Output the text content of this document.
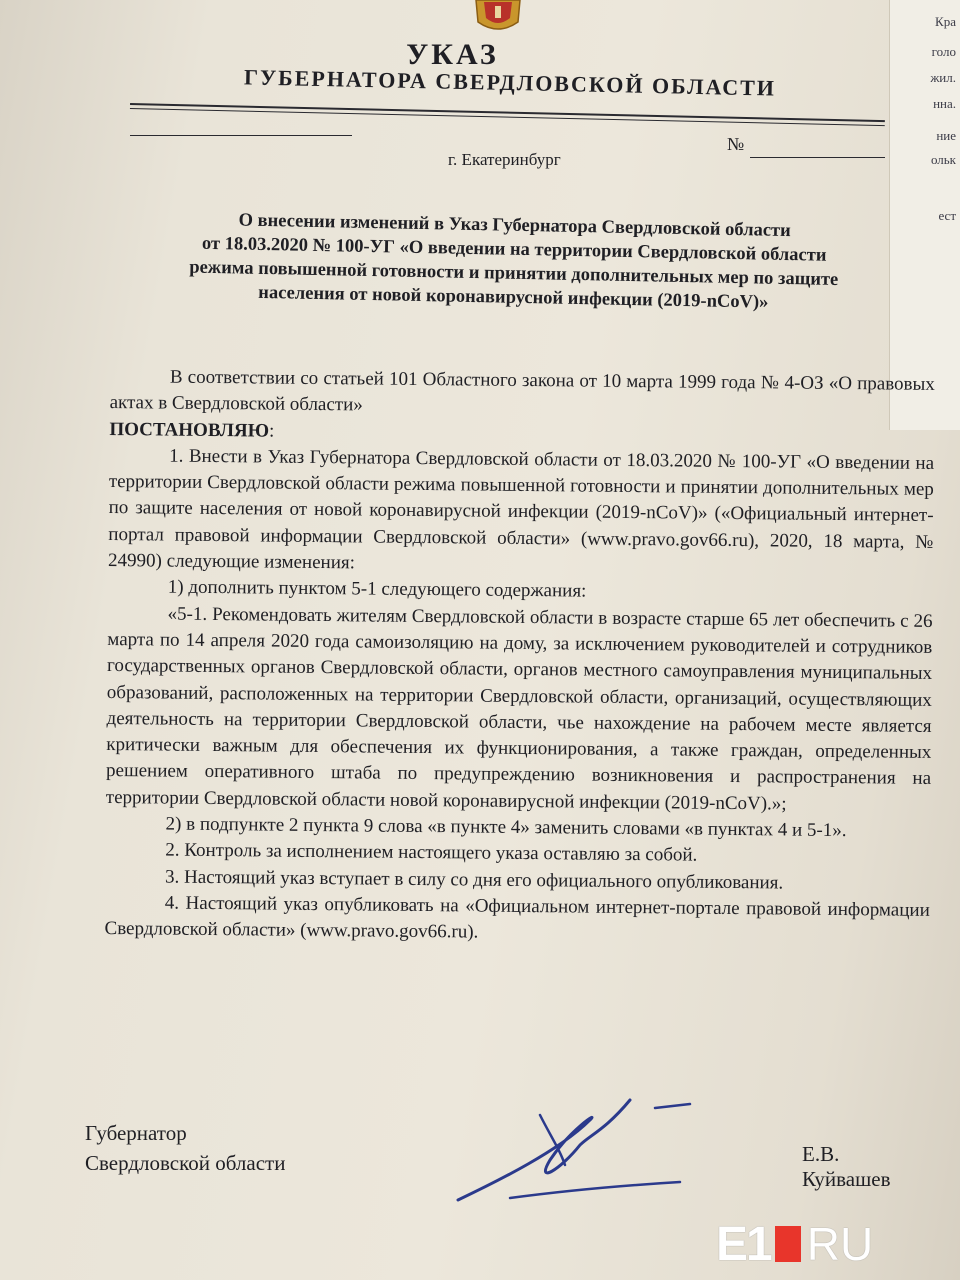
Кра
голо
жил.
нна.
ние
ольк
ест
УКАЗ
ГУБЕРНАТОРА СВЕРДЛОВСКОЙ ОБЛАСТИ
№
г. Екатеринбург
О внесении изменений в Указ Губернатора Свердловской области
от 18.03.2020 № 100-УГ «О введении на территории Свердловской области
режима повышенной готовности и принятии дополнительных мер по защите
населения от новой коронавирусной инфекции (2019-nCoV)»

В соответствии со статьей 101 Областного закона от 10 марта 1999 года № 4-ОЗ «О правовых актах в Свердловской области»

ПОСТАНОВЛЯЮ:

1. Внести в Указ Губернатора Свердловской области от 18.03.2020 № 100-УГ «О введении на территории Свердловской области режима повышенной готовности и принятии дополнительных мер по защите населения от новой коронавирусной инфекции (2019-nCoV)» («Официальный интернет-портал правовой информации Свердловской области» (www.pravo.gov66.ru), 2020, 18 марта, № 24990) следующие изменения:

1) дополнить пунктом 5-1 следующего содержания:

«5-1. Рекомендовать жителям Свердловской области в возрасте старше 65 лет обеспечить с 26 марта по 14 апреля 2020 года самоизоляцию на дому, за исключением руководителей и сотрудников государственных органов Свердловской области, органов местного самоуправления муниципальных образований, расположенных на территории Свердловской области, организаций, осуществляющих деятельность на территории Свердловской области, чье нахождение на рабочем месте является критически важным для обеспечения их функционирования, а также граждан, определенных решением оперативного штаба по предупреждению возникновения и распространения на территории Свердловской области новой коронавирусной инфекции (2019-nCoV).»;

2) в подпункте 2 пункта 9 слова «в пункте 4» заменить словами «в пунктах 4 и 5-1».

2. Контроль за исполнением настоящего указа оставляю за собой.

3. Настоящий указ вступает в силу со дня его официального опубликования.

4. Настоящий указ опубликовать на «Официальном интернет-портале правовой информации Свердловской области» (www.pravo.gov66.ru).

Губернатор
Свердловской области	Е.В. Куйвашев
E1 RU
